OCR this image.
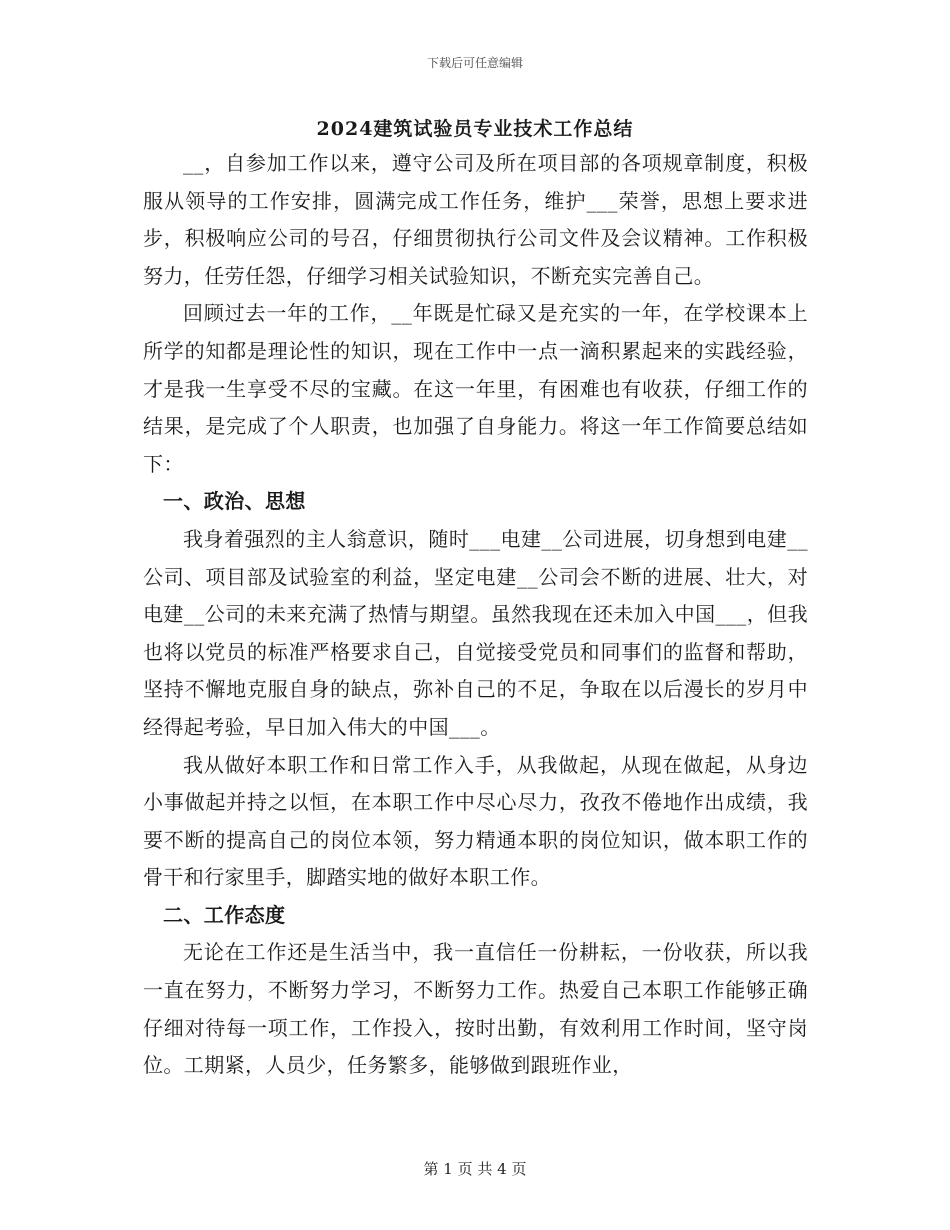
下载后可任意编辑
2024建筑试验员专业技术工作总结

__，自参加工作以来，遵守公司及所在项目部的各项规章制度，积极服从领导的工作安排，圆满完成工作任务，维护___荣誉，思想上要求进步，积极响应公司的号召，仔细贯彻执行公司文件及会议精神。工作积极努力，任劳任怨，仔细学习相关试验知识，不断充实完善自己。

回顾过去一年的工作，__年既是忙碌又是充实的一年，在学校课本上所学的知都是理论性的知识，现在工作中一点一滴积累起来的实践经验，才是我一生享受不尽的宝藏。在这一年里，有困难也有收获，仔细工作的结果，是完成了个人职责，也加强了自身能力。将这一年工作简要总结如下：

一、政治、思想

我身着强烈的主人翁意识，随时___电建__公司进展，切身想到电建__公司、项目部及试验室的利益，坚定电建__公司会不断的进展、壮大，对电建__公司的未来充满了热情与期望。虽然我现在还未加入中国___，但我也将以党员的标准严格要求自己，自觉接受党员和同事们的监督和帮助，坚持不懈地克服自身的缺点，弥补自己的不足，争取在以后漫长的岁月中经得起考验，早日加入伟大的中国___。

我从做好本职工作和日常工作入手，从我做起，从现在做起，从身边小事做起并持之以恒，在本职工作中尽心尽力，孜孜不倦地作出成绩，我要不断的提高自己的岗位本领，努力精通本职的岗位知识，做本职工作的骨干和行家里手，脚踏实地的做好本职工作。

二、工作态度

无论在工作还是生活当中，我一直信任一份耕耘，一份收获，所以我一直在努力，不断努力学习，不断努力工作。热爱自己本职工作能够正确仔细对待每一项工作，工作投入，按时出勤，有效利用工作时间，坚守岗位。工期紧，人员少，任务繁多，能够做到跟班作业，

第 1 页 共 4 页
